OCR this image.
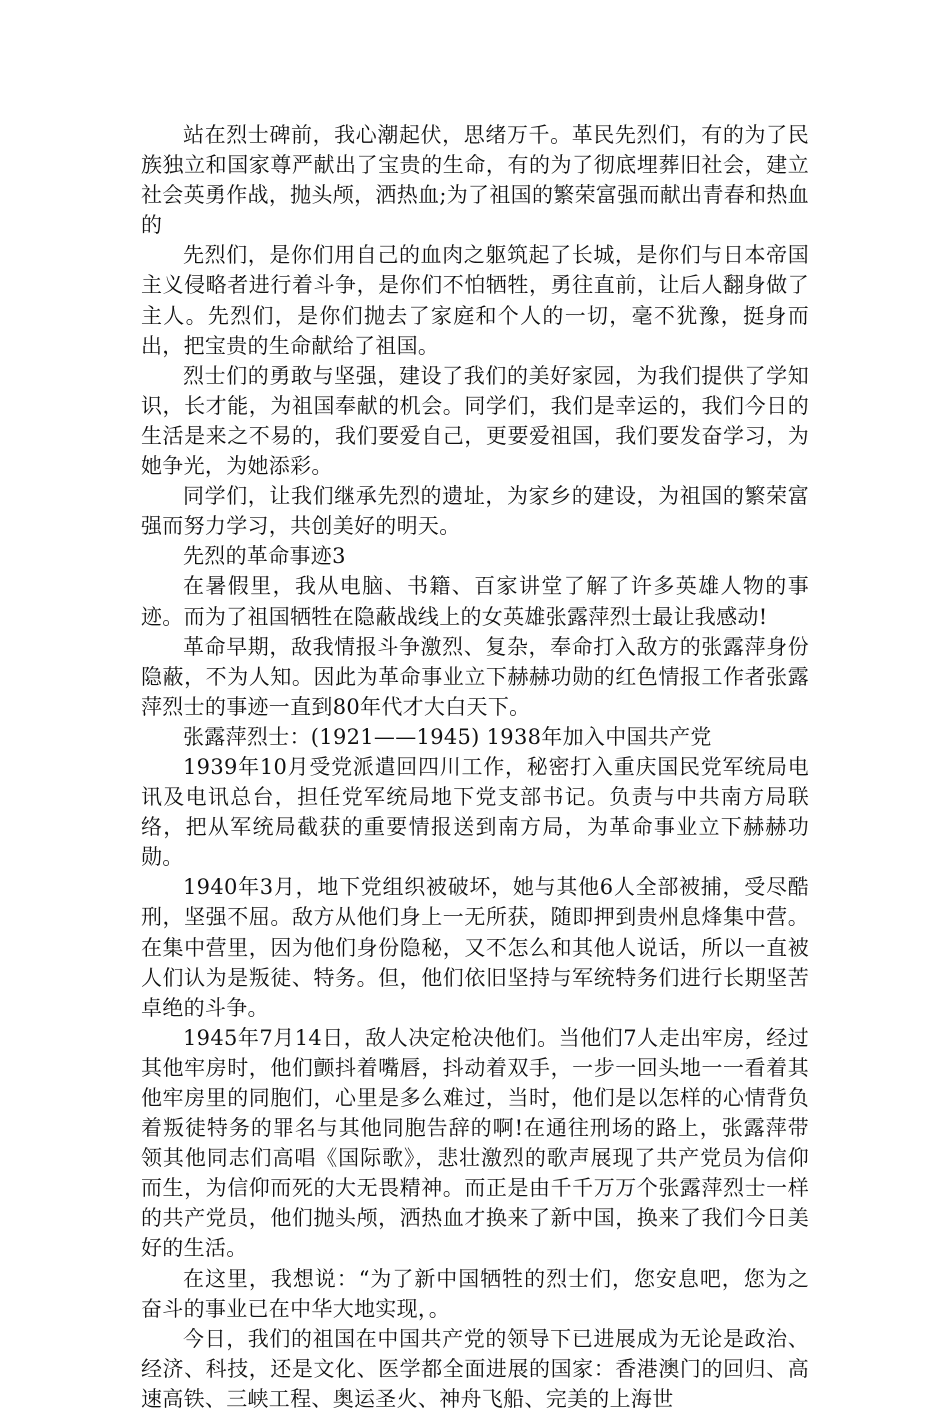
站在烈士碑前，我心潮起伏，思绪万千。革民先烈们，有的为了民族独立和国家尊严献出了宝贵的生命，有的为了彻底埋葬旧社会，建立社会英勇作战，抛头颅，洒热血;为了祖国的繁荣富强而献出青春和热血的

先烈们，是你们用自己的血肉之躯筑起了长城，是你们与日本帝国主义侵略者进行着斗争，是你们不怕牺牲，勇往直前，让后人翻身做了主人。先烈们，是你们抛去了家庭和个人的一切，毫不犹豫，挺身而出，把宝贵的生命献给了祖国。

烈士们的勇敢与坚强，建设了我们的美好家园，为我们提供了学知识，长才能，为祖国奉献的机会。同学们，我们是幸运的，我们今日的生活是来之不易的，我们要爱自己，更要爱祖国，我们要发奋学习，为她争光，为她添彩。

同学们，让我们继承先烈的遗址，为家乡的建设，为祖国的繁荣富强而努力学习，共创美好的明天。

先烈的革命事迹3

在暑假里，我从电脑、书籍、百家讲堂了解了许多英雄人物的事迹。而为了祖国牺牲在隐蔽战线上的女英雄张露萍烈士最让我感动!

革命早期，敌我情报斗争激烈、复杂，奉命打入敌方的张露萍身份隐蔽，不为人知。因此为革命事业立下赫赫功勋的红色情报工作者张露萍烈士的事迹一直到80年代才大白天下。

张露萍烈士：(1921——1945) 1938年加入中国共产党

1939年10月受党派遣回四川工作，秘密打入重庆国民党军统局电讯及电讯总台，担任党军统局地下党支部书记。负责与中共南方局联络，把从军统局截获的重要情报送到南方局，为革命事业立下赫赫功勋。

1940年3月，地下党组织被破坏，她与其他6人全部被捕，受尽酷刑，坚强不屈。敌方从他们身上一无所获，随即押到贵州息烽集中营。在集中营里，因为他们身份隐秘，又不怎么和其他人说话，所以一直被人们认为是叛徒、特务。但，他们依旧坚持与军统特务们进行长期坚苦卓绝的斗争。

1945年7月14日，敌人决定枪决他们。当他们7人走出牢房，经过其他牢房时，他们颤抖着嘴唇，抖动着双手，一步一回头地一一看着其他牢房里的同胞们，心里是多么难过，当时，他们是以怎样的心情背负着叛徒特务的罪名与其他同胞告辞的啊!在通往刑场的路上，张露萍带领其他同志们高唱《国际歌》，悲壮激烈的歌声展现了共产党员为信仰而生，为信仰而死的大无畏精神。而正是由千千万万个张露萍烈士一样的共产党员，他们抛头颅，洒热血才换来了新中国，换来了我们今日美好的生活。

在这里，我想说：“为了新中国牺牲的烈士们，您安息吧，您为之奋斗的事业已在中华大地实现，。

今日，我们的祖国在中国共产党的领导下已进展成为无论是政治、经济、科技，还是文化、医学都全面进展的国家：香港澳门的回归、高速高铁、三峡工程、奥运圣火、神舟飞船、完美的上海世
